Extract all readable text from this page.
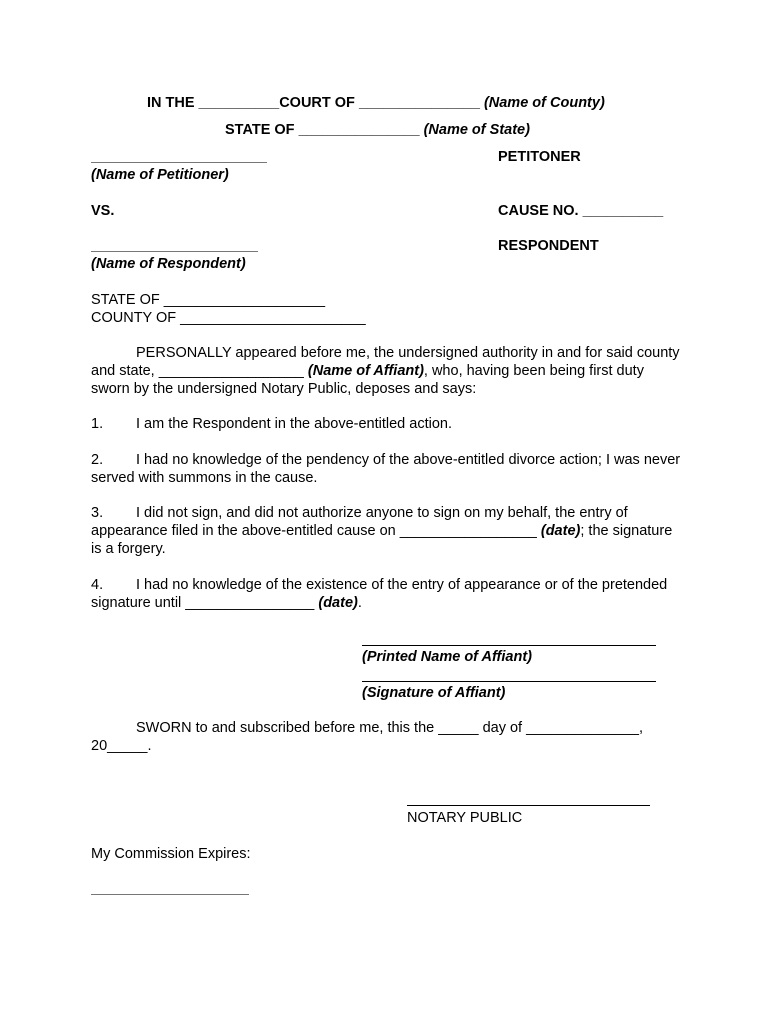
IN THE __________COURT OF _______________ (Name of County)
STATE OF _______________ (Name of State)
(Name of Petitioner)
PETITONER
VS.	CAUSE NO. __________
(Name of Respondent)
RESPONDENT
STATE OF ____________________
COUNTY OF _______________________
PERSONALLY appeared before me, the undersigned authority in and for said county and state, __________________ (Name of Affiant), who, having been being first duty sworn by the undersigned Notary Public, deposes and says:
1. I am the Respondent in the above-entitled action.
2. I had no knowledge of the pendency of the above-entitled divorce action; I was never served with summons in the cause.
3. I did not sign, and did not authorize anyone to sign on my behalf, the entry of appearance filed in the above-entitled cause on _________________ (date); the signature is a forgery.
4. I had no knowledge of the existence of the entry of appearance or of the pretended signature until ________________ (date).
(Printed Name of Affiant)
(Signature of Affiant)
SWORN to and subscribed before me, this the _____ day of ______________, 20_____.
NOTARY PUBLIC
My Commission Expires:
